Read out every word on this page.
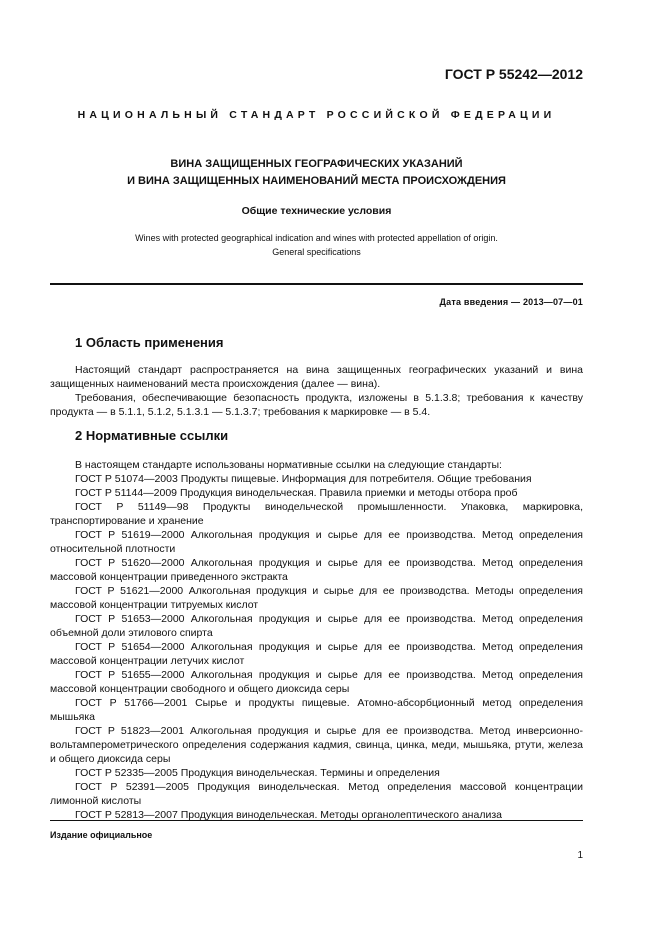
ГОСТ Р 55242—2012
НАЦИОНАЛЬНЫЙ СТАНДАРТ РОССИЙСКОЙ ФЕДЕРАЦИИ
ВИНА ЗАЩИЩЕННЫХ ГЕОГРАФИЧЕСКИХ УКАЗАНИЙ
И ВИНА ЗАЩИЩЕННЫХ НАИМЕНОВАНИЙ МЕСТА ПРОИСХОЖДЕНИЯ
Общие технические условия
Wines with protected geographical indication and wines with protected appellation of origin.
General specifications
Дата введения — 2013—07—01
1 Область применения

Настоящий стандарт распространяется на вина защищенных географических указаний и вина защищенных наименований места происхождения (далее — вина).

Требования, обеспечивающие безопасность продукта, изложены в 5.1.3.8; требования к качеству продукта — в 5.1.1, 5.1.2, 5.1.3.1 — 5.1.3.7; требования к маркировке — в 5.4.

2 Нормативные ссылки

В настоящем стандарте использованы нормативные ссылки на следующие стандарты:

ГОСТ Р 51074—2003 Продукты пищевые. Информация для потребителя. Общие требования

ГОСТ Р 51144—2009 Продукция винодельческая. Правила приемки и методы отбора проб

ГОСТ Р 51149—98 Продукты винодельческой промышленности. Упаковка, маркировка, транспортирование и хранение

ГОСТ Р 51619—2000 Алкогольная продукция и сырье для ее производства. Метод определения относительной плотности

ГОСТ Р 51620—2000 Алкогольная продукция и сырье для ее производства. Метод определения массовой концентрации приведенного экстракта

ГОСТ Р 51621—2000 Алкогольная продукция и сырье для ее производства. Методы определения массовой концентрации титруемых кислот

ГОСТ Р 51653—2000 Алкогольная продукция и сырье для ее производства. Метод определения объемной доли этилового спирта

ГОСТ Р 51654—2000 Алкогольная продукция и сырье для ее производства. Метод определения массовой концентрации летучих кислот

ГОСТ Р 51655—2000 Алкогольная продукция и сырье для ее производства. Метод определения массовой концентрации свободного и общего диоксида серы

ГОСТ Р 51766—2001 Сырье и продукты пищевые. Атомно-абсорбционный метод определения мышьяка

ГОСТ Р 51823—2001 Алкогольная продукция и сырье для ее производства. Метод инверсионно-вольтамперометрического определения содержания кадмия, свинца, цинка, меди, мышьяка, ртути, железа и общего диоксида серы

ГОСТ Р 52335—2005 Продукция винодельческая. Термины и определения

ГОСТ Р 52391—2005 Продукция винодельческая. Метод определения массовой концентрации лимонной кислоты

ГОСТ Р 52813—2007 Продукция винодельческая. Методы органолептического анализа

Издание официальное
1
